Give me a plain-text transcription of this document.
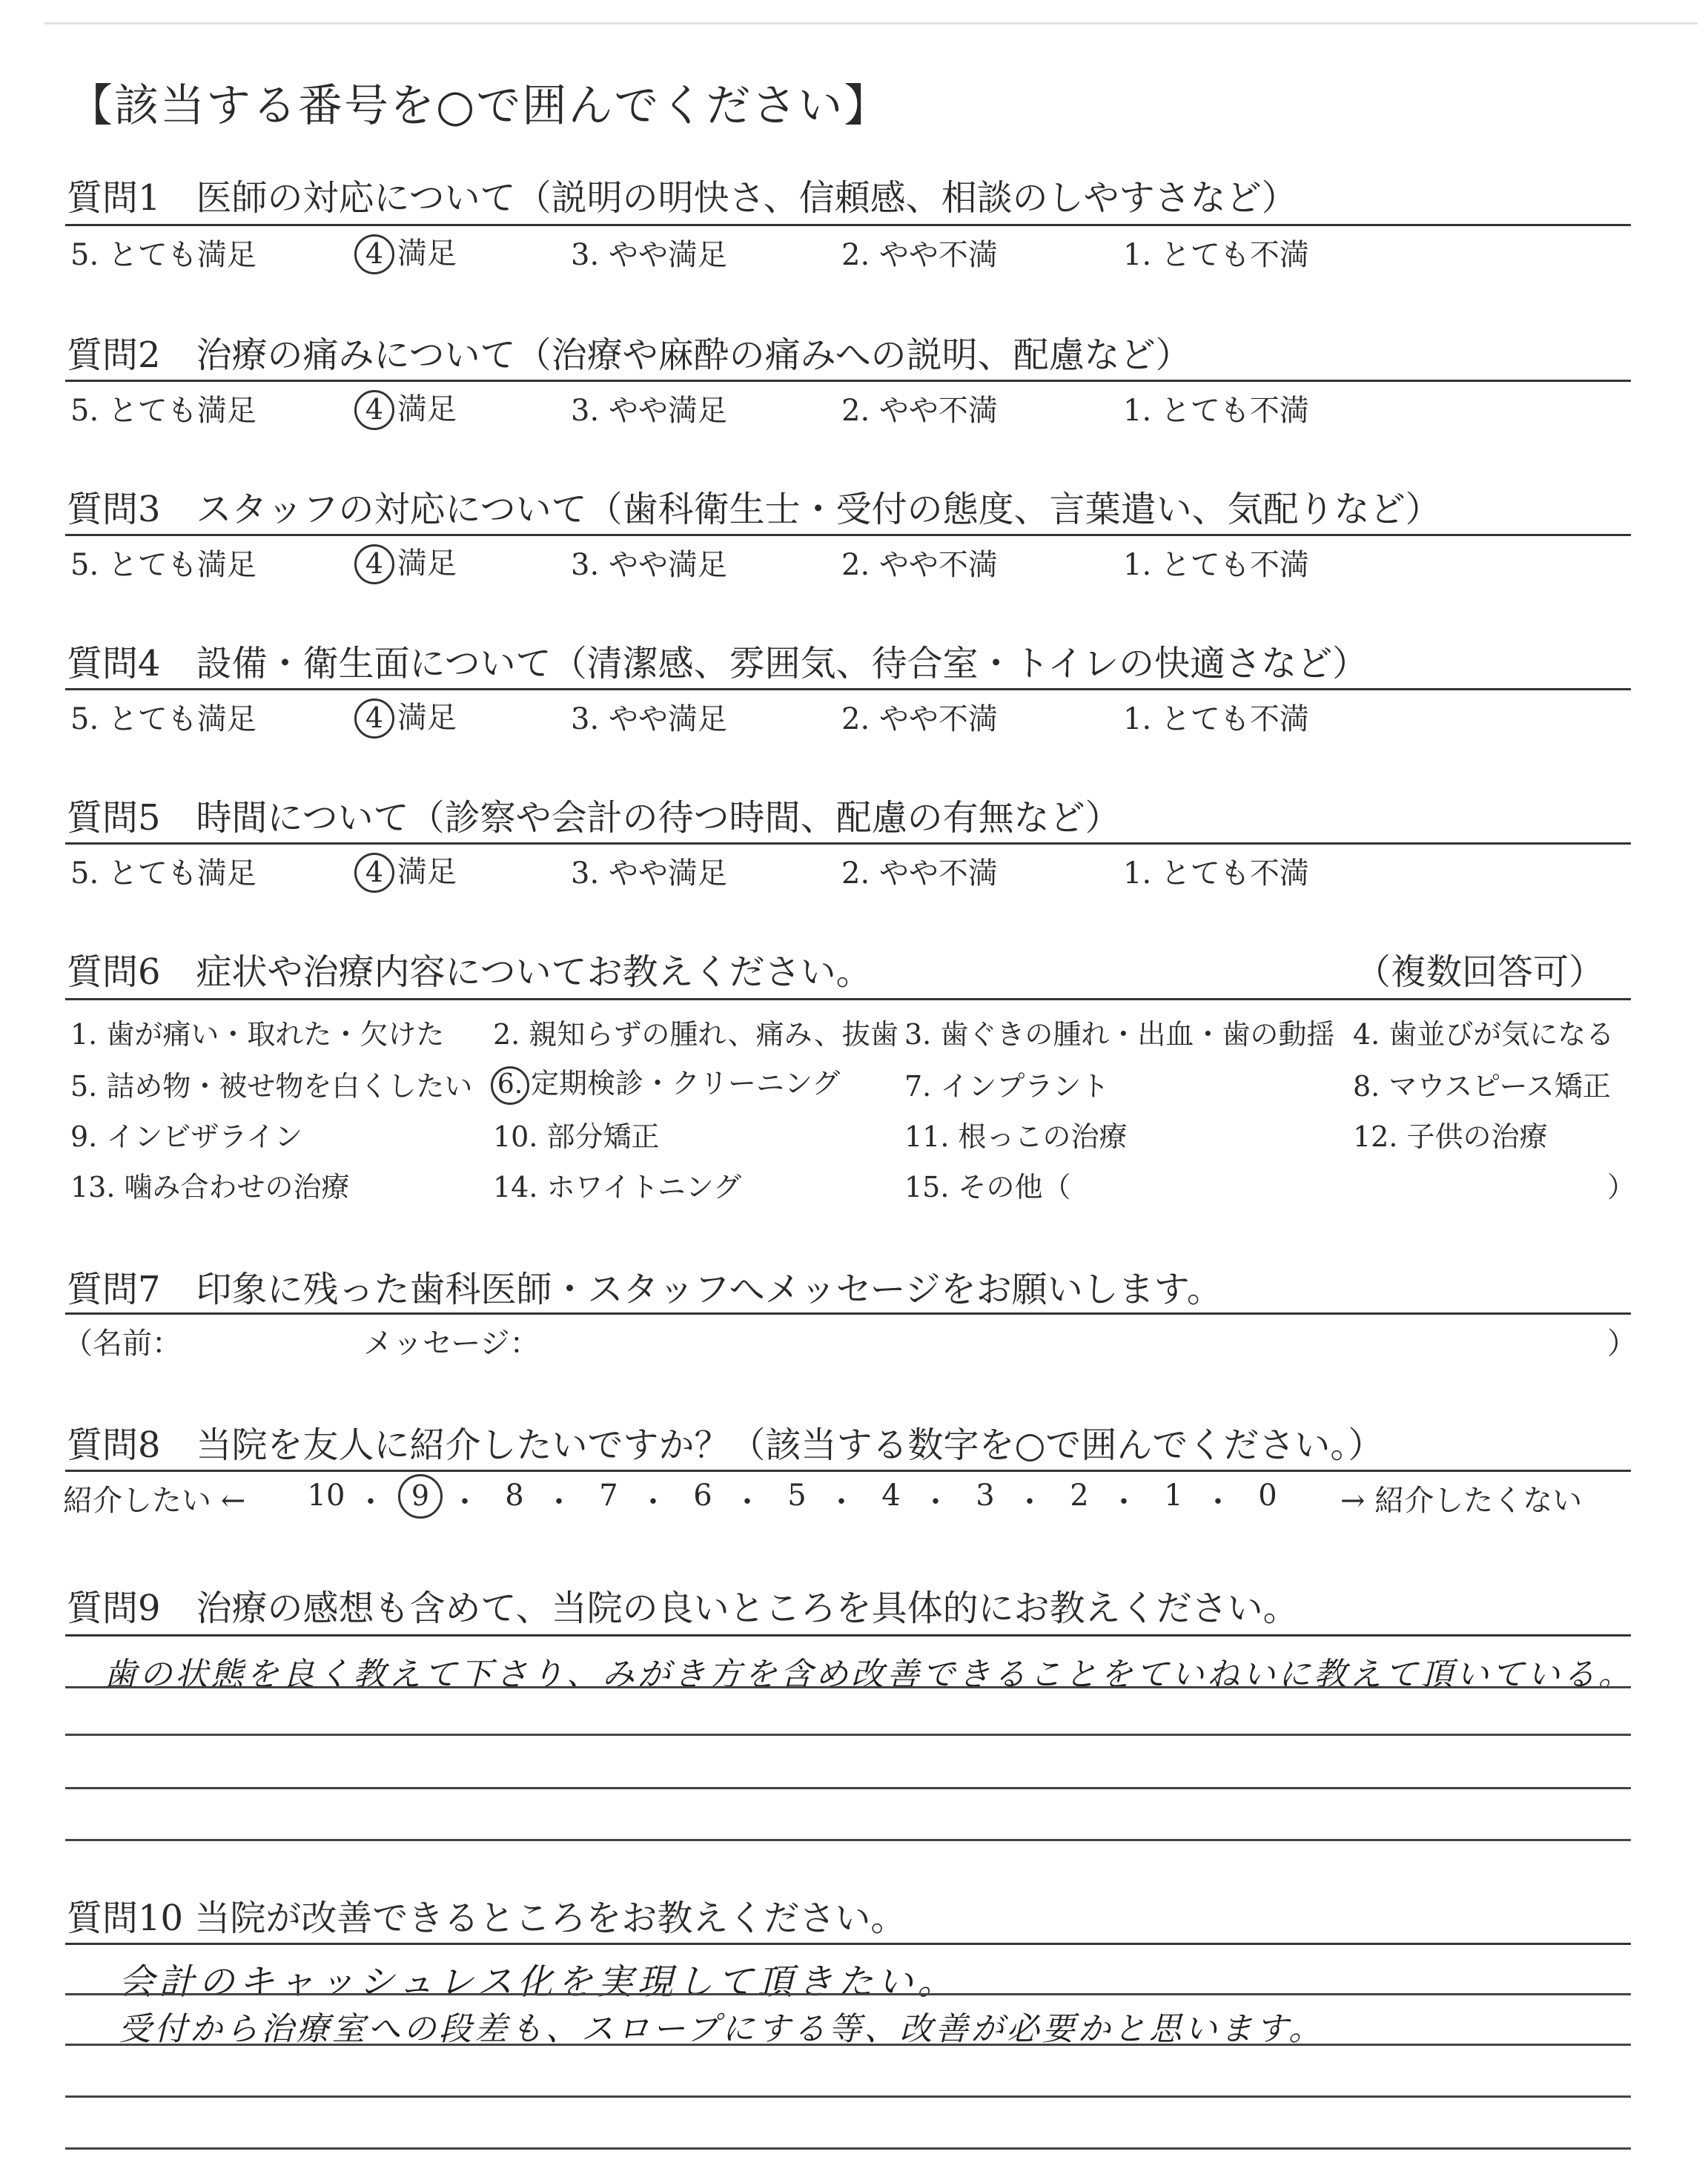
【該当する番号を○で囲んでください】
質問1　医師の対応について（説明の明快さ、信頼感、相談のしやすさなど）
5. とても満足	4 満足	3. やや満足	2. やや不満	1. とても不満
質問2　治療の痛みについて（治療や麻酔の痛みへの説明、配慮など）
5. とても満足	4 満足	3. やや満足	2. やや不満	1. とても不満
質問3　スタッフの対応について（歯科衛生士・受付の態度、言葉遣い、気配りなど）
5. とても満足	4 満足	3. やや満足	2. やや不満	1. とても不満
質問4　設備・衛生面について（清潔感、雰囲気、待合室・トイレの快適さなど）
5. とても満足	4 満足	3. やや満足	2. やや不満	1. とても不満
質問5　時間について（診察や会計の待つ時間、配慮の有無など）
5. とても満足	4 満足	3. やや満足	2. やや不満	1. とても不満
質問6　症状や治療内容についてお教えください。	（複数回答可）
1. 歯が痛い・取れた・欠けた 2. 親知らずの腫れ、痛み、抜歯 3. 歯ぐきの腫れ・出血・歯の動揺 4. 歯並びが気になる
5. 詰め物・被せ物を白くしたい 6. 定期検診・クリーニング 7. インプラント	8. マウスピース矯正
9. インビザライン	10. 部分矯正	11. 根っこの治療	12. 子供の治療
13. 噛み合わせの治療	14. ホワイトニング	15. その他（	）
質問7　印象に残った歯科医師・スタッフへメッセージをお願いします。
（名前：	メッセージ：	）
質問8　当院を友人に紹介したいですか？（該当する数字を○で囲んでください。）
紹介したい ←	→ 紹介したくない
10 ・ 9 ・ 8 ・ 7 ・ 6 ・ 5 ・ 4 ・ 3 ・ 2 ・ 1 ・ 0
質問9　治療の感想も含めて、当院の良いところを具体的にお教えください。
歯の状態を良く教えて下さり、みがき方を含め改善できることをていねいに教えて頂いている。
質問10 当院が改善できるところをお教えください。
会計のキャッシュレス化を実現して頂きたい。
受付から治療室への段差も、スロープにする等、改善が必要かと思います。
